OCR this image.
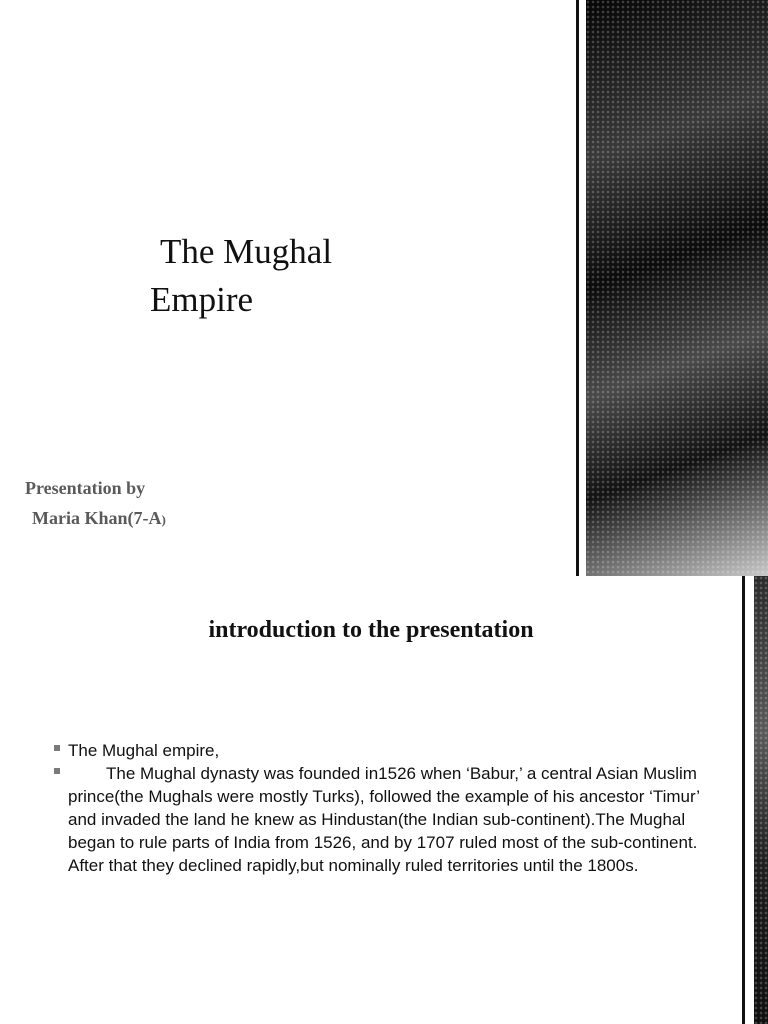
The Mughal
Empire
Presentation by
Maria Khan(7-A)
introduction to the presentation
The Mughal empire,
The Mughal dynasty was founded in1526 when ‘Babur,’ a central Asian Muslim prince(the Mughals were mostly Turks), followed the example of his ancestor ‘Timur’ and invaded the land he knew as Hindustan(the Indian sub-continent).The Mughal began to rule parts of India from 1526, and by 1707 ruled most of the sub-continent. After that they declined rapidly,but nominally ruled territories until the 1800s.
